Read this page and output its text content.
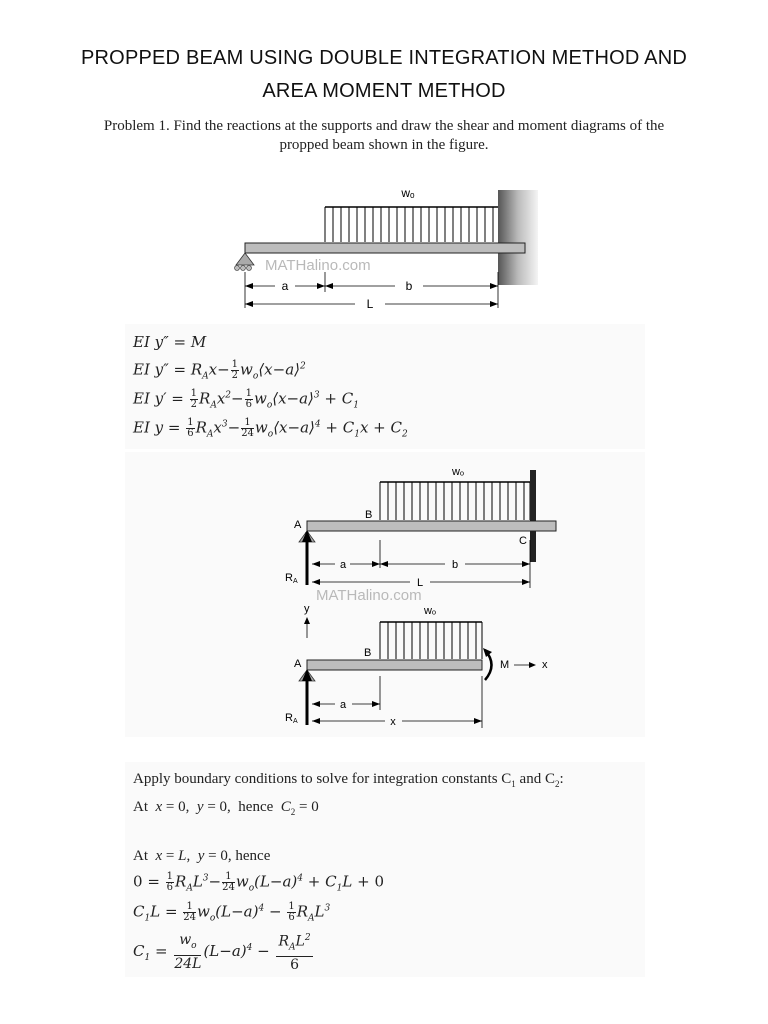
PROPPED BEAM USING DOUBLE INTEGRATION METHOD AND
AREA MOMENT METHOD
Problem 1. Find the reactions at the supports and draw the shear and moment diagrams of the
propped beam shown in the figure.
wₒ
MATHalino.com
a	b
L
EI y″ = M
EI $y'' = R_Ax- \frac{1}{2}$ $w_o⟨x-a⟩^2$
EI $y' = \frac{1}{2} R_Ax^2- \frac{1}{6}$ $w_o⟨x-a⟩^3 + C_1$
EI $y = \frac{1}{6} R_Ax^3- \frac{1}{24}$ $w_o⟨x-a⟩^4 + C_1x + C_2$
wₒ
A
B
C
RA
a	b
L
MATHalino.com
y	wₒ
A
B
M	x
RA
a
x
Apply boundary conditions to solve for integration constants $C_1$ and $C_2$:
At x = 0,  y = 0,  hence $C_2 = 0$
At x = L,  y = 0, hence
$0 = \frac{1}{6} R_AL^3- \frac{1}{24} w_o(L-a)^4 + C_1L + 0$
$C_1L = \frac{1}{24} w_o(L-a)^4 - \frac{1}{6} R_AL^3$
$C_1 = \frac{w_o}{24L} (L-a)^4$ −
$R_AL^2$
6
